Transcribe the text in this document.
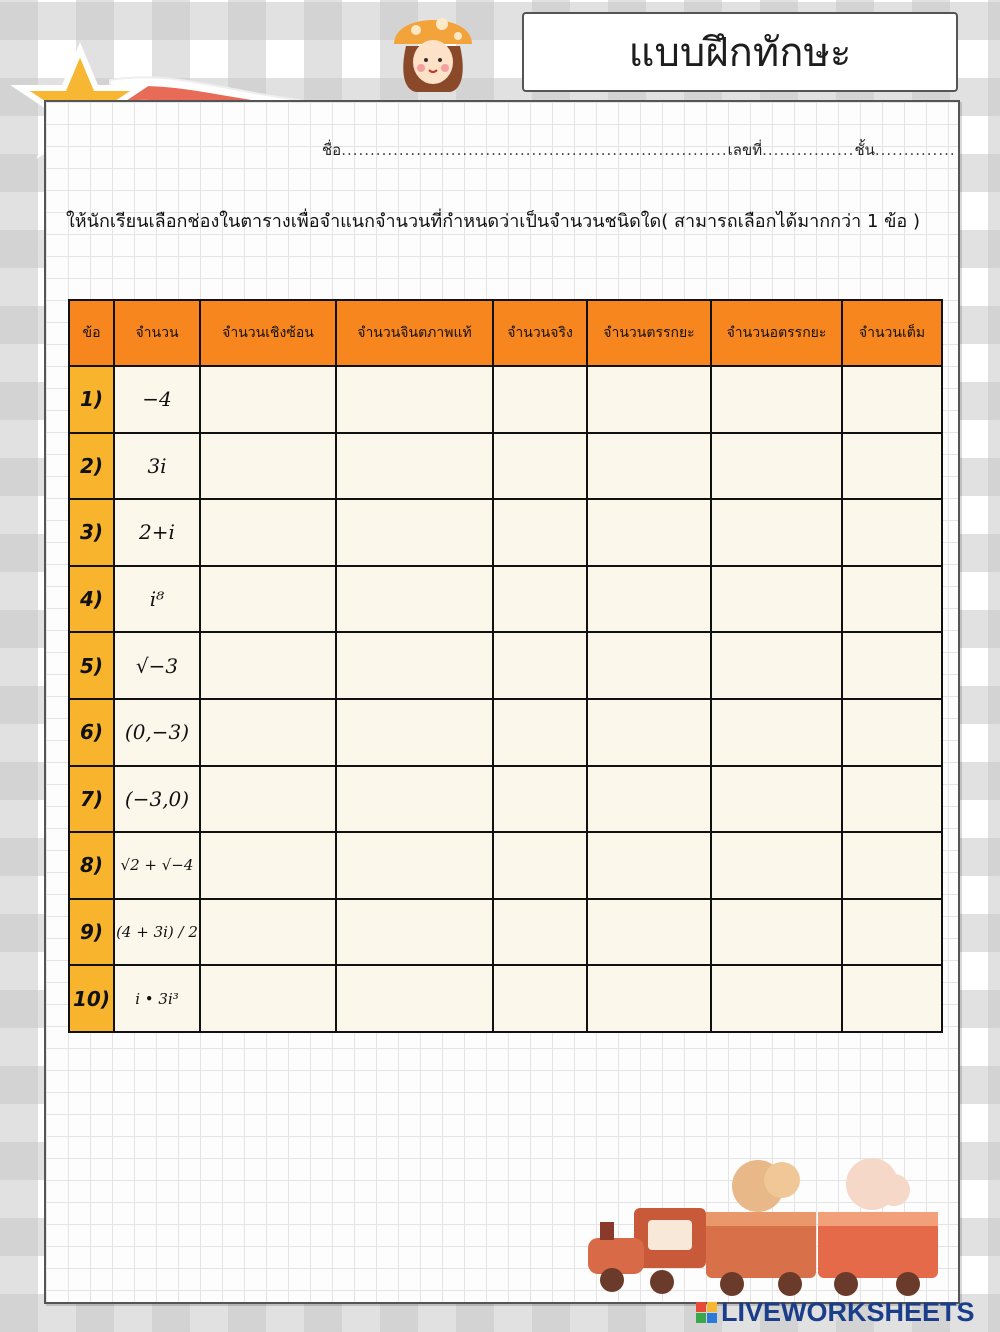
แบบฝึกทักษะ
ชื่อ...................................................................เลขที่................ชั้น..............
ให้นักเรียนเลือกช่องในตารางเพื่อจำแนกจำนวนที่กำหนดว่าเป็นจำนวนชนิดใด( สามารถเลือกได้มากกว่า 1 ข้อ )
ข้อ	จำนวน	จำนวนเชิงซ้อน	จำนวนจินตภาพแท้	จำนวนจริง	จำนวนตรรกยะ	จำนวนอตรรกยะ	จำนวนเต็ม
1)	−4						
2)	3i						
3)	2+i						
4)	i⁸						
5)	√−3						
6)	(0,−3)						
7)	(−3,0)						
8)	√2 + √−4						
9)	(4 + 3i) / 2						
10)	i • 3i³						
LIVEWORKSHEETS
